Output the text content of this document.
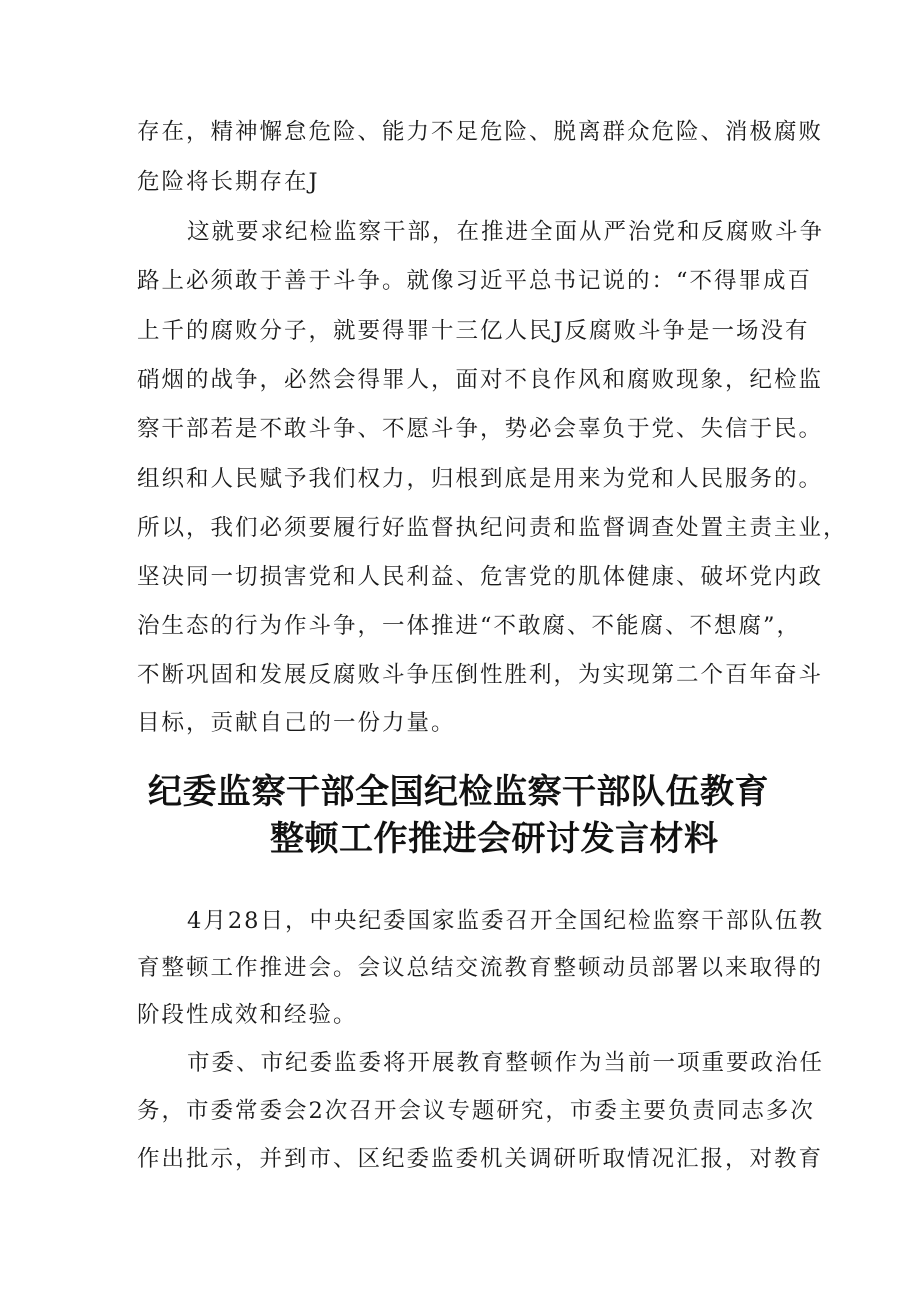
存在，精神懈怠危险、能力不足危险、脱离群众危险、消极腐败
危险将长期存在J
这就要求纪检监察干部，在推进全面从严治党和反腐败斗争
路上必须敢于善于斗争。就像习近平总书记说的：“不得罪成百
上千的腐败分子，就要得罪十三亿人民J反腐败斗争是一场没有
硝烟的战争，必然会得罪人，面对不良作风和腐败现象，纪检监
察干部若是不敢斗争、不愿斗争，势必会辜负于党、失信于民。
组织和人民赋予我们权力，归根到底是用来为党和人民服务的。
所以，我们必须要履行好监督执纪问责和监督调查处置主责主业，
坚决同一切损害党和人民利益、危害党的肌体健康、破坏党内政
治生态的行为作斗争，一体推进“不敢腐、不能腐、不想腐”，
不断巩固和发展反腐败斗争压倒性胜利，为实现第二个百年奋斗
目标，贡献自己的一份力量。
纪委监察干部全国纪检监察干部队伍教育
整顿工作推进会研讨发言材料
4月28日，中央纪委国家监委召开全国纪检监察干部队伍教
育整顿工作推进会。会议总结交流教育整顿动员部署以来取得的
阶段性成效和经验。
市委、市纪委监委将开展教育整顿作为当前一项重要政治任
务，市委常委会2次召开会议专题研究，市委主要负责同志多次
作出批示，并到市、区纪委监委机关调研听取情况汇报，对教育
